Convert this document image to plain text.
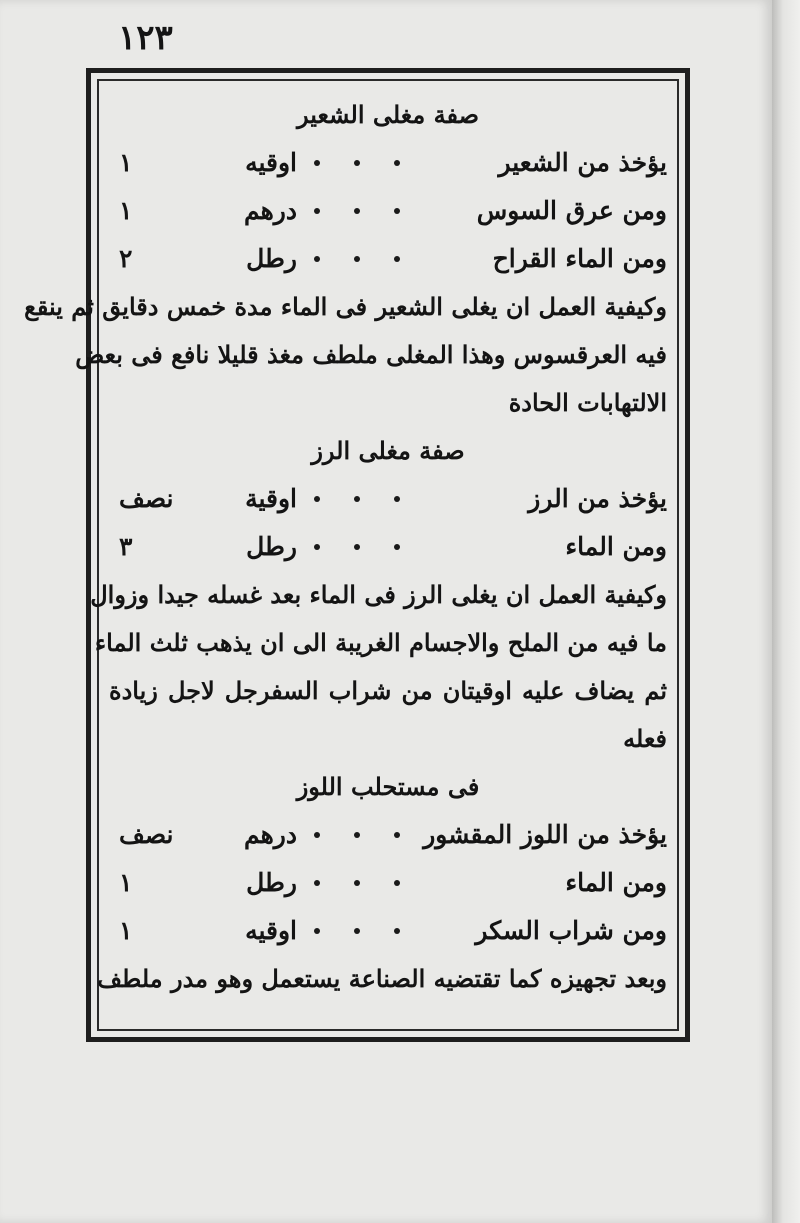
١٢٣
صفة مغلى الشعير
يؤخذ من الشعير
اوقيه
١
ومن عرق السوس
درهم
١
ومن الماء القراح
رطل
٢
وكيفية العمل ان يغلى الشعير فى الماء مدة خمس دقايق ثم ينقع
فيه العرقسوس وهذا المغلى ملطف مغذ قليلا نافع فى بعض
الالتهابات الحادة
صفة مغلى الرز
يؤخذ من الرز
اوقية
نصف
ومن الماء
رطل
٣
وكيفية العمل ان يغلى الرز فى الماء بعد غسله جيدا وزوال
ما فيه من الملح والاجسام الغريبة الى ان يذهب ثلث الماء
ثم يضاف عليه اوقيتان من شراب السفرجل لاجل زيادة
فعله
فى مستحلب اللوز
يؤخذ من اللوز المقشور
درهم
نصف
ومن الماء
رطل
١
ومن شراب السكر
اوقيه
١
وبعد تجهيزه كما تقتضيه الصناعة يستعمل وهو مدر ملطف
